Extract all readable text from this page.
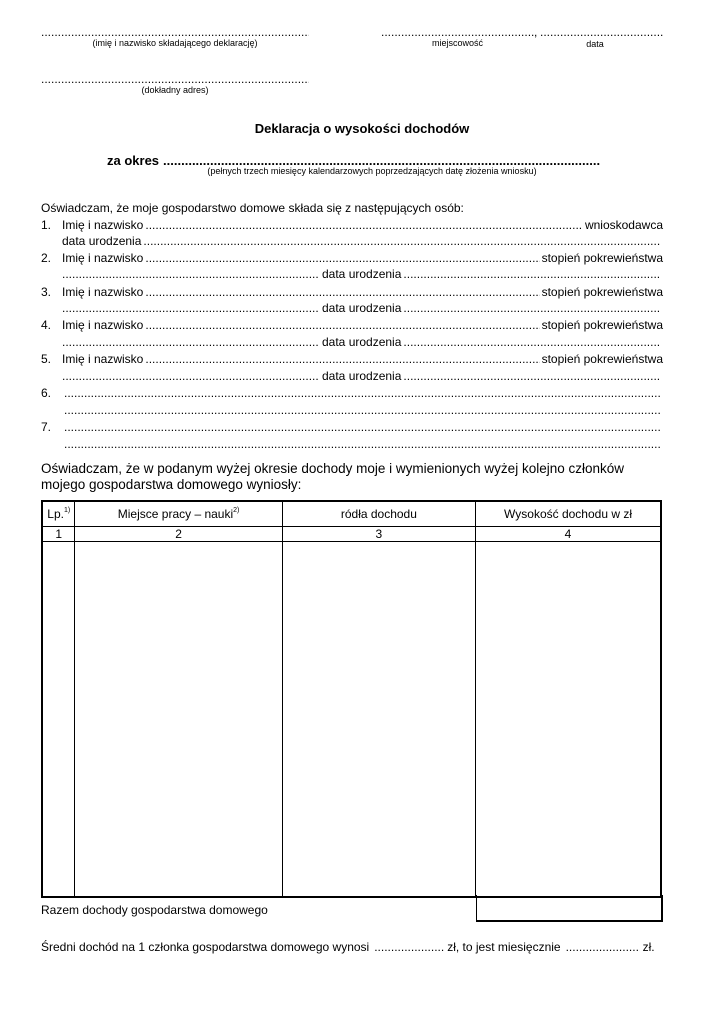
.....
(imię i nazwisko składającego deklarację)
.....
,
.....
miejscowość	data
.....
(dokładny adres)
Deklaracja o wysokości dochodów
za okres
.....
(pełnych trzech miesięcy kalendarzowych poprzedzających datę złożenia wniosku)
Oświadczam, że moje gospodarstwo domowe składa się z następujących osób:
1. Imię i nazwisko .....	wnioskodawca
data urodzenia
.....
2. Imię i nazwisko .....	stopień pokrewieństwa
.....
data urodzenia
.....
3. Imię i nazwisko .....	stopień pokrewieństwa
.....
data urodzenia
.....
4. Imię i nazwisko .....	stopień pokrewieństwa
.....
data urodzenia
.....
5. Imię i nazwisko .....	stopień pokrewieństwa
.....
data urodzenia
.....
6.
.....
.....
7.
.....
.....
Oświadczam, że w podanym wyżej okresie dochody moje i wymienionych wyżej kolejno członków mojego gospodarstwa domowego wyniosły:
Lp.$^{1)}$	Miejsce pracy – nauki$^{2)}$	ródła dochodu	Wysokość dochodu w zł
1	2	3	4

Razem dochody gospodarstwa domowego
Średni dochód na 1 członka gospodarstwa domowego wynosi .....	zł, to jest miesięcznie .....	zł.
